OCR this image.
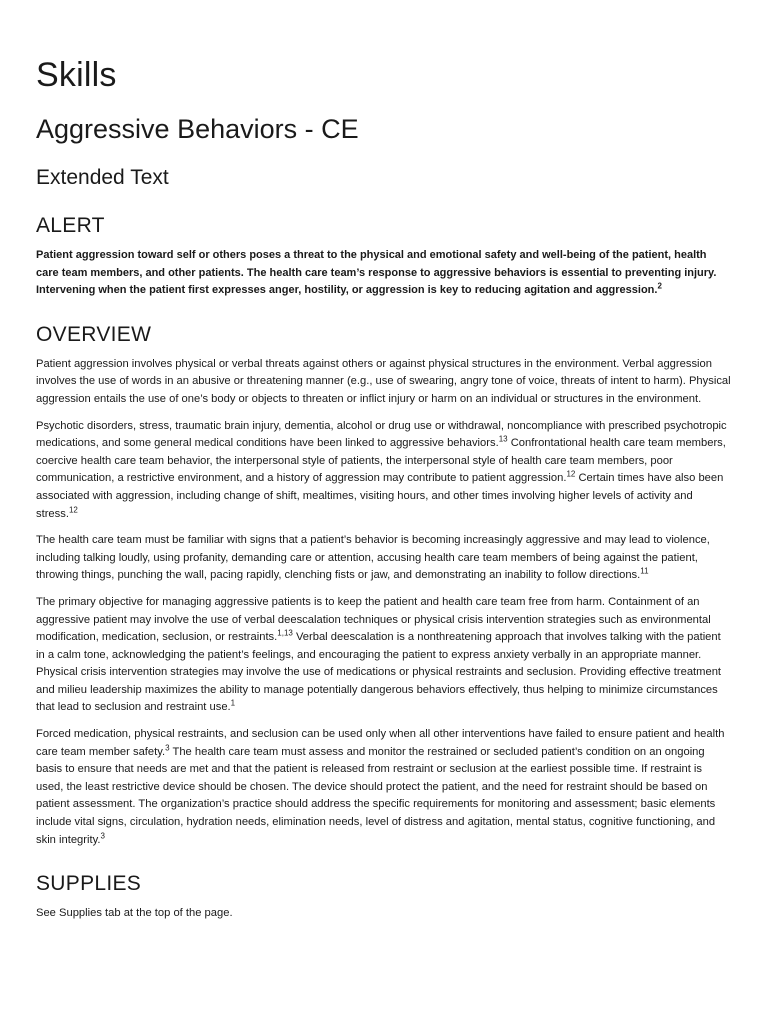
Skills
Aggressive Behaviors - CE
Extended Text
ALERT

Patient aggression toward self or others poses a threat to the physical and emotional safety and well-being of the patient, health care team members, and other patients. The health care team’s response to aggressive behaviors is essential to preventing injury. Intervening when the patient first expresses anger, hostility, or aggression is key to reducing agitation and aggression.$^2$

OVERVIEW

Patient aggression involves physical or verbal threats against others or against physical structures in the environment. Verbal aggression involves the use of words in an abusive or threatening manner (e.g., use of swearing, angry tone of voice, threats of intent to harm). Physical aggression entails the use of one’s body or objects to threaten or inflict injury or harm on an individual or structures in the environment.

Psychotic disorders, stress, traumatic brain injury, dementia, alcohol or drug use or withdrawal, noncompliance with prescribed psychotropic medications, and some general medical conditions have been linked to aggressive behaviors.$^{13}$ Confrontational health care team members, coercive health care team behavior, the interpersonal style of patients, the interpersonal style of health care team members, poor communication, a restrictive environment, and a history of aggression may contribute to patient aggression.$^{12}$ Certain times have also been associated with aggression, including change of shift, mealtimes, visiting hours, and other times involving higher levels of activity and stress.$^{12}$

The health care team must be familiar with signs that a patient’s behavior is becoming increasingly aggressive and may lead to violence, including talking loudly, using profanity, demanding care or attention, accusing health care team members of being against the patient, throwing things, punching the wall, pacing rapidly, clenching fists or jaw, and demonstrating an inability to follow directions.$^{11}$

The primary objective for managing aggressive patients is to keep the patient and health care team free from harm. Containment of an aggressive patient may involve the use of verbal deescalation techniques or physical crisis intervention strategies such as environmental modification, medication, seclusion, or restraints.$^{1,13}$ Verbal deescalation is a nonthreatening approach that involves talking with the patient in a calm tone, acknowledging the patient’s feelings, and encouraging the patient to express anxiety verbally in an appropriate manner. Physical crisis intervention strategies may involve the use of medications or physical restraints and seclusion. Providing effective treatment and milieu leadership maximizes the ability to manage potentially dangerous behaviors effectively, thus helping to minimize circumstances that lead to seclusion and restraint use.$^1$

Forced medication, physical restraints, and seclusion can be used only when all other interventions have failed to ensure patient and health care team member safety.$^3$ The health care team must assess and monitor the restrained or secluded patient’s condition on an ongoing basis to ensure that needs are met and that the patient is released from restraint or seclusion at the earliest possible time. If restraint is used, the least restrictive device should be chosen. The device should protect the patient, and the need for restraint should be based on patient assessment. The organization’s practice should address the specific requirements for monitoring and assessment; basic elements include vital signs, circulation, hydration needs, elimination needs, level of distress and agitation, mental status, cognitive functioning, and skin integrity.$^3$

SUPPLIES

See Supplies tab at the top of the page.
